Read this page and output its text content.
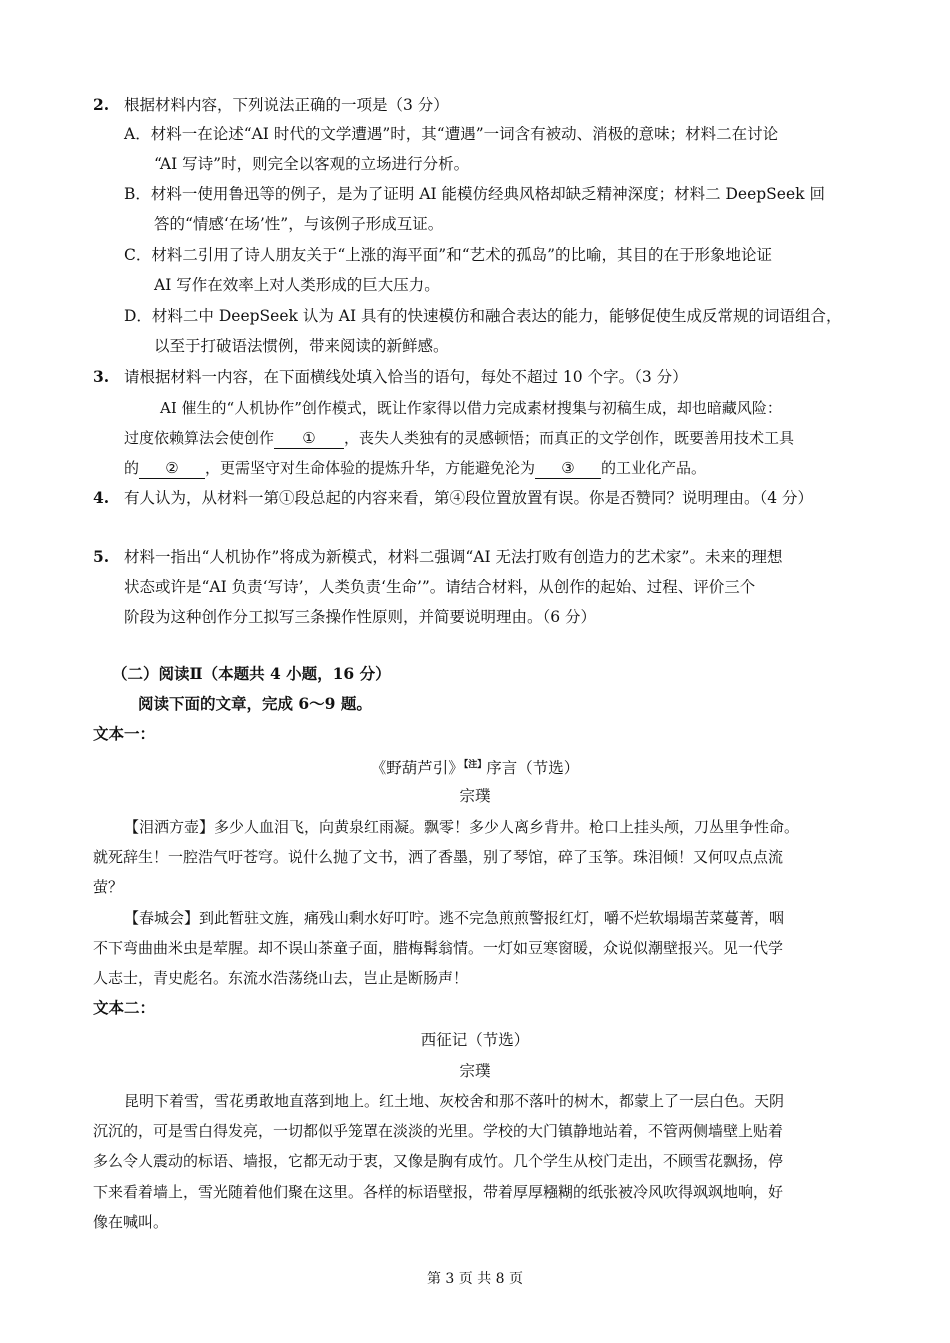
2. 根据材料内容，下列说法正确的一项是（3 分）
A．材料一在论述“AI 时代的文学遭遇”时，其“遭遇”一词含有被动、消极的意味；材料二在讨论
“AI 写诗”时，则完全以客观的立场进行分析。
B．材料一使用鲁迅等的例子，是为了证明 AI 能模仿经典风格却缺乏精神深度；材料二 DeepSeek 回
答的“情感‘在场’性”，与该例子形成互证。
C．材料二引用了诗人朋友关于“上涨的海平面”和“艺术的孤岛”的比喻，其目的在于形象地论证
AI 写作在效率上对人类形成的巨大压力。
D．材料二中 DeepSeek 认为 AI 具有的快速模仿和融合表达的能力，能够促使生成反常规的词语组合，
以至于打破语法惯例，带来阅读的新鲜感。
3. 请根据材料一内容，在下面横线处填入恰当的语句，每处不超过 10 个字。（3 分）
AI 催生的“人机协作”创作模式，既让作家得以借力完成素材搜集与初稿生成，却也暗藏风险：
过度依赖算法会使创作 ① ，丧失人类独有的灵感顿悟；而真正的文学创作，既要善用技术工具
的 ② ，更需坚守对生命体验的提炼升华，方能避免沦为 ③ 的工业化产品。
4. 有人认为，从材料一第①段总起的内容来看，第④段位置放置有误。你是否赞同？说明理由。（4 分）
5. 材料一指出“人机协作”将成为新模式，材料二强调“AI 无法打败有创造力的艺术家”。未来的理想
状态或许是“AI 负责‘写诗’，人类负责‘生命’”。请结合材料，从创作的起始、过程、评价三个
阶段为这种创作分工拟写三条操作性原则，并简要说明理由。（6 分）
（二）阅读Ⅱ（本题共 4 小题，16 分）
阅读下面的文章，完成 6～9 题。
文本一：
《野葫芦引》$^{【注】}$序言（节选）
宗璞
【泪洒方壶】多少人血泪飞，向黄泉红雨凝。飘零！多少人离乡背井。枪口上挂头颅，刀丛里争性命。
就死辞生！一腔浩气吁苍穹。说什么抛了文书，洒了香墨，别了琴馆，碎了玉筝。珠泪倾！又何叹点点流
萤？
【春城会】到此暂驻文旌，痛残山剩水好叮咛。逃不完急煎煎警报红灯，嚼不烂软塌塌苦菜蔓菁，咽
不下弯曲曲米虫是荤腥。却不误山茶童子面，腊梅髯翁情。一灯如豆寒窗暖，众说似潮壁报兴。见一代学
人志士，青史彪名。东流水浩荡绕山去，岂止是断肠声！
文本二：
西征记（节选）
宗璞
昆明下着雪，雪花勇敢地直落到地上。红土地、灰校舍和那不落叶的树木，都蒙上了一层白色。天阴
沉沉的，可是雪白得发亮，一切都似乎笼罩在淡淡的光里。学校的大门镇静地站着，不管两侧墙壁上贴着
多么令人震动的标语、墙报，它都无动于衷，又像是胸有成竹。几个学生从校门走出，不顾雪花飘扬，停
下来看着墙上，雪光随着他们聚在这里。各样的标语壁报，带着厚厚糨糊的纸张被冷风吹得飒飒地响，好
像在喊叫。
第 3 页 共 8 页
